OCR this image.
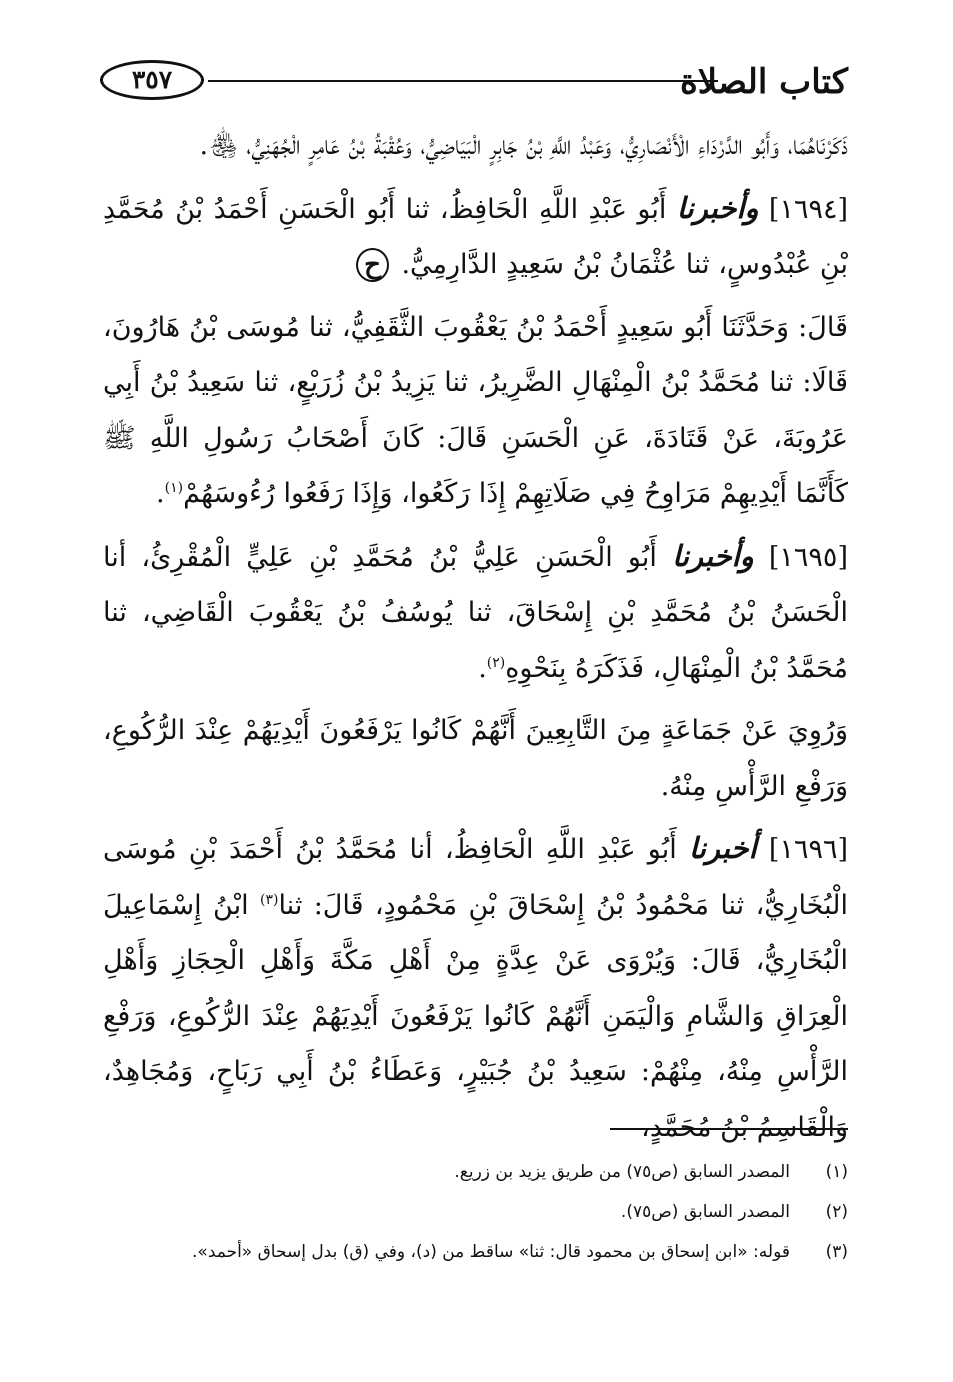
كتاب الصلاة
٣٥٧

ذَكَرْنَاهُمَا، وَأَبُو الدَّرْدَاءِ الْأَنْصَارِيُّ، وَعَبْدُ اللَّهِ بْنُ جَابِرٍ الْبَيَاضِيُّ، وَعُقْبَةُ بْنُ عَامِرٍ الْجُهَنِيُّ، ﵃.

[١٦٩٤] وأخبرنا أَبُو عَبْدِ اللَّهِ الْحَافِظُ، ثنا أَبُو الْحَسَنِ أَحْمَدُ بْنُ مُحَمَّدِ بْنِ عُبْدُوسٍ، ثنا عُثْمَانُ بْنُ سَعِيدٍ الدَّارِمِيُّ. ح

قَالَ: وَحَدَّثَنَا أَبُو سَعِيدٍ أَحْمَدُ بْنُ يَعْقُوبَ الثَّقَفِيُّ، ثنا مُوسَى بْنُ هَارُونَ، قَالَا: ثنا مُحَمَّدُ بْنُ الْمِنْهَالِ الضَّرِيرُ، ثنا يَزِيدُ بْنُ زُرَيْعٍ، ثنا سَعِيدُ بْنُ أَبِي عَرُوبَةَ، عَنْ قَتَادَةَ، عَنِ الْحَسَنِ قَالَ: كَانَ أَصْحَابُ رَسُولِ اللَّهِ ﷺ كَأَنَّمَا أَيْدِيهِمْ مَرَاوِحُ فِي صَلَاتِهِمْ إِذَا رَكَعُوا، وَإِذَا رَفَعُوا رُءُوسَهُمْ$^{(١)}$.

[١٦٩٥] وأخبرنا أَبُو الْحَسَنِ عَلِيُّ بْنُ مُحَمَّدِ بْنِ عَلِيٍّ الْمُقْرِئُ، أنا الْحَسَنُ بْنُ مُحَمَّدِ بْنِ إِسْحَاقَ، ثنا يُوسُفُ بْنُ يَعْقُوبَ الْقَاضِي، ثنا مُحَمَّدُ بْنُ الْمِنْهَالِ، فَذَكَرَهُ بِنَحْوِهِ$^{(٢)}$.

وَرُوِيَ عَنْ جَمَاعَةٍ مِنَ التَّابِعِينَ أَنَّهُمْ كَانُوا يَرْفَعُونَ أَيْدِيَهُمْ عِنْدَ الرُّكُوعِ، وَرَفْعِ الرَّأْسِ مِنْهُ.

[١٦٩٦] أخبرنا أَبُو عَبْدِ اللَّهِ الْحَافِظُ، أنا مُحَمَّدُ بْنُ أَحْمَدَ بْنِ مُوسَى الْبُخَارِيُّ، ثنا مَحْمُودُ بْنُ إِسْحَاقَ بْنِ مَحْمُودٍ، قَالَ: ثنا$^{(٣)}$ ابْنُ إِسْمَاعِيلَ الْبُخَارِيُّ، قَالَ: وَيُرْوَى عَنْ عِدَّةٍ مِنْ أَهْلِ مَكَّةَ وَأَهْلِ الْحِجَازِ وَأَهْلِ الْعِرَاقِ وَالشَّامِ وَالْيَمَنِ أَنَّهُمْ كَانُوا يَرْفَعُونَ أَيْدِيَهُمْ عِنْدَ الرُّكُوعِ، وَرَفْعِ الرَّأْسِ مِنْهُ، مِنْهُمْ: سَعِيدُ بْنُ جُبَيْرٍ، وَعَطَاءُ بْنُ أَبِي رَبَاحٍ، وَمُجَاهِدٌ، وَالْقَاسِمُ بْنُ مُحَمَّدٍ،

(١)المصدر السابق (ص٧٥) من طريق يزيد بن زريع.
(٢)المصدر السابق (ص٧٥).
(٣)قوله: «ابن إسحاق بن محمود قال: ثنا» ساقط من (د)، وفي (ق) بدل إسحاق «أحمد».
